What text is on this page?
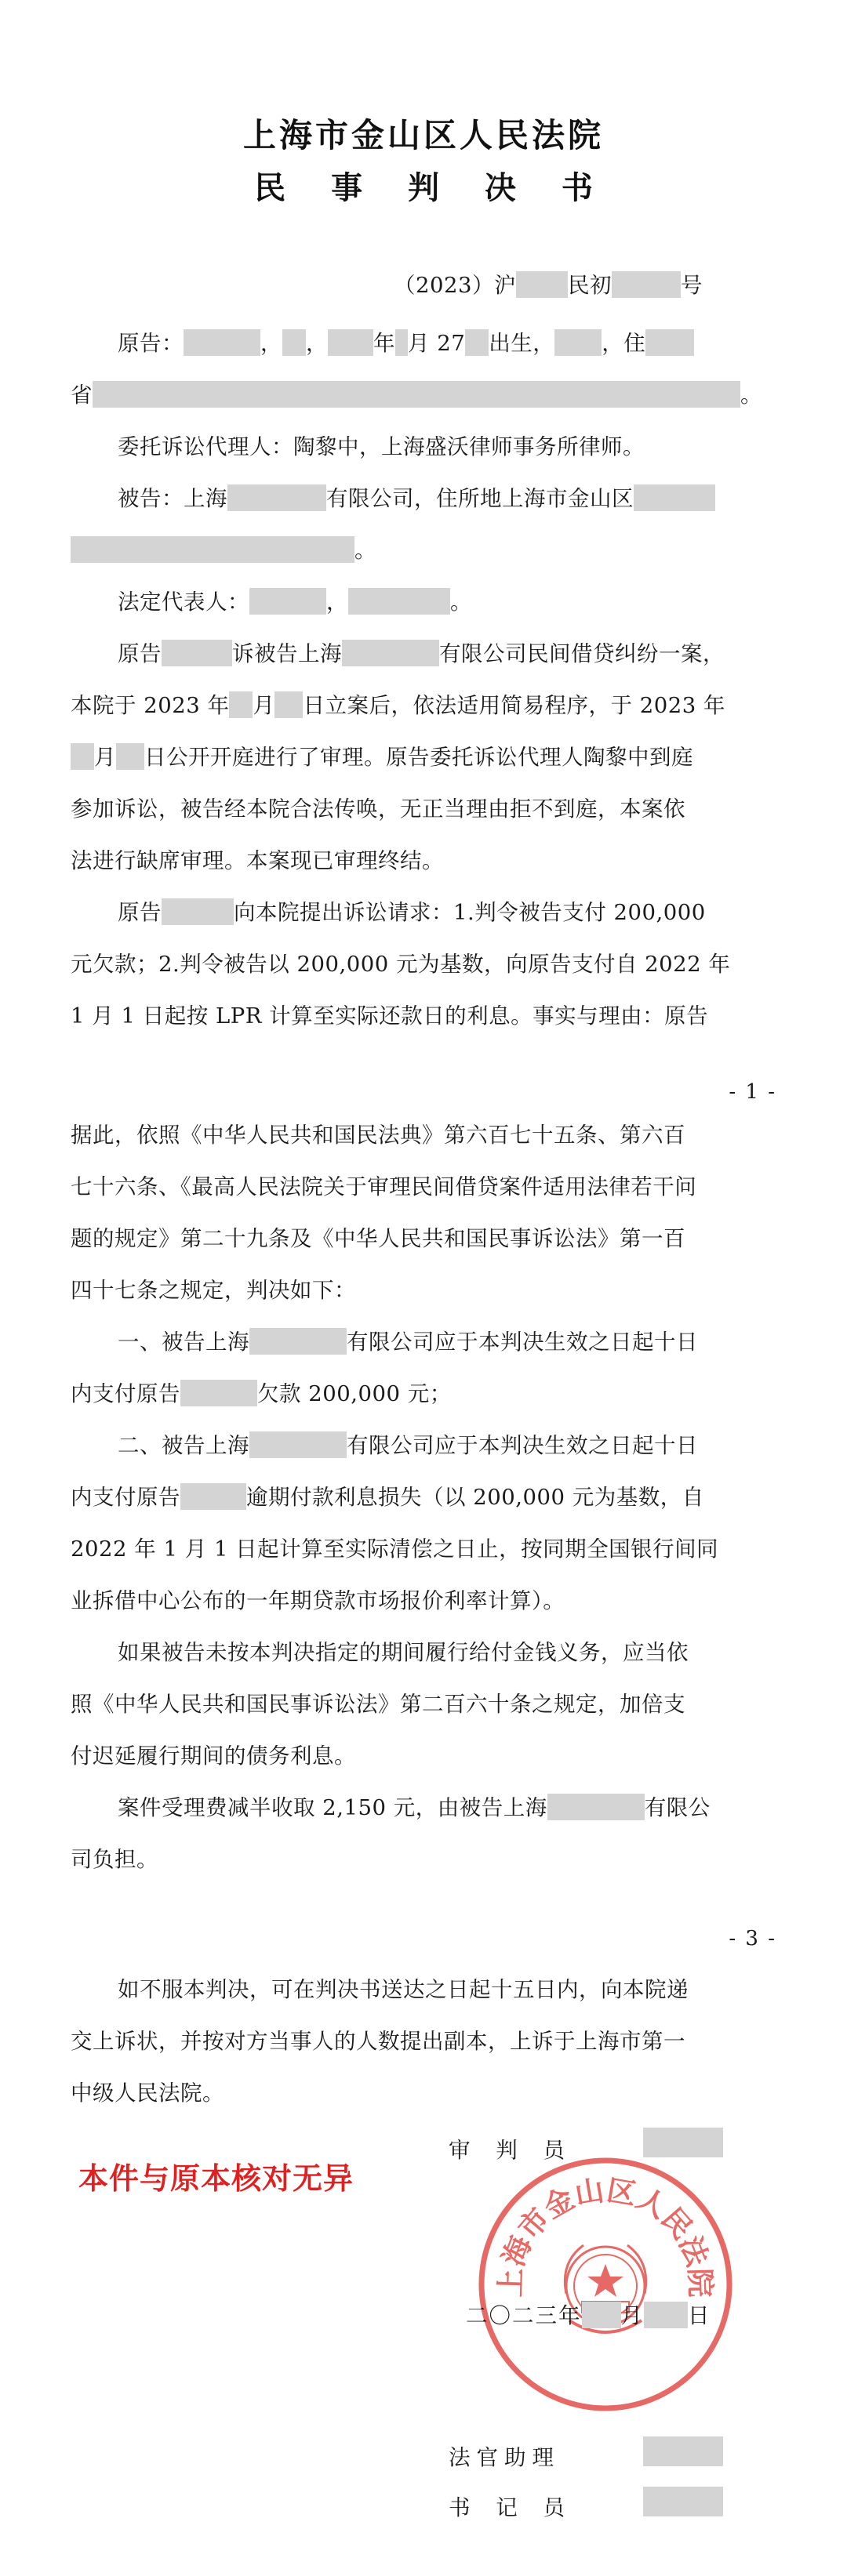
上海市金山区人民法院
民 事 判 决 书
（2023）沪 民初	号
原告：	， ， 年 月 27 出生， ，住
省	。
委托诉讼代理人：陶黎中，上海盛沃律师事务所律师。
被告：上海	有限公司，住所地上海市金山区
。
法定代表人：	，	。
原告	诉被告上海	有限公司民间借贷纠纷一案，
本院于 2023 年 月 日立案后，依法适用简易程序，于 2023 年
月 日公开开庭进行了审理。原告委托诉讼代理人陶黎中到庭
参加诉讼，被告经本院合法传唤，无正当理由拒不到庭，本案依
法进行缺席审理。本案现已审理终结。
原告	向本院提出诉讼请求：1.判令被告支付 200,000
元欠款；2.判令被告以 200,000 元为基数，向原告支付自 2022 年
1 月 1 日起按 LPR 计算至实际还款日的利息。事实与理由：原告
- 1 -
据此，依照《中华人民共和国民法典》第六百七十五条、第六百
七十六条、《最高人民法院关于审理民间借贷案件适用法律若干问
题的规定》第二十九条及《中华人民共和国民事诉讼法》第一百
四十七条之规定，判决如下：
一、被告上海	有限公司应于本判决生效之日起十日
内支付原告	欠款 200,000 元；
二、被告上海	有限公司应于本判决生效之日起十日
内支付原告	逾期付款利息损失（以 200,000 元为基数，自
2022 年 1 月 1 日起计算至实际清偿之日止，按同期全国银行间同
业拆借中心公布的一年期贷款市场报价利率计算）。
如果被告未按本判决指定的期间履行给付金钱义务，应当依
照《中华人民共和国民事诉讼法》第二百六十条之规定，加倍支
付迟延履行期间的债务利息。
案件受理费减半收取 2,150 元，由被告上海	有限公
司负担。
- 3 -
如不服本判决，可在判决书送达之日起十五日内，向本院递
交上诉状，并按对方当事人的人数提出副本，上诉于上海市第一
中级人民法院。
上海市金山区人民法院
审 判 员
二〇二三年 月 日
本件与原本核对无异
法官助理
书 记 员
